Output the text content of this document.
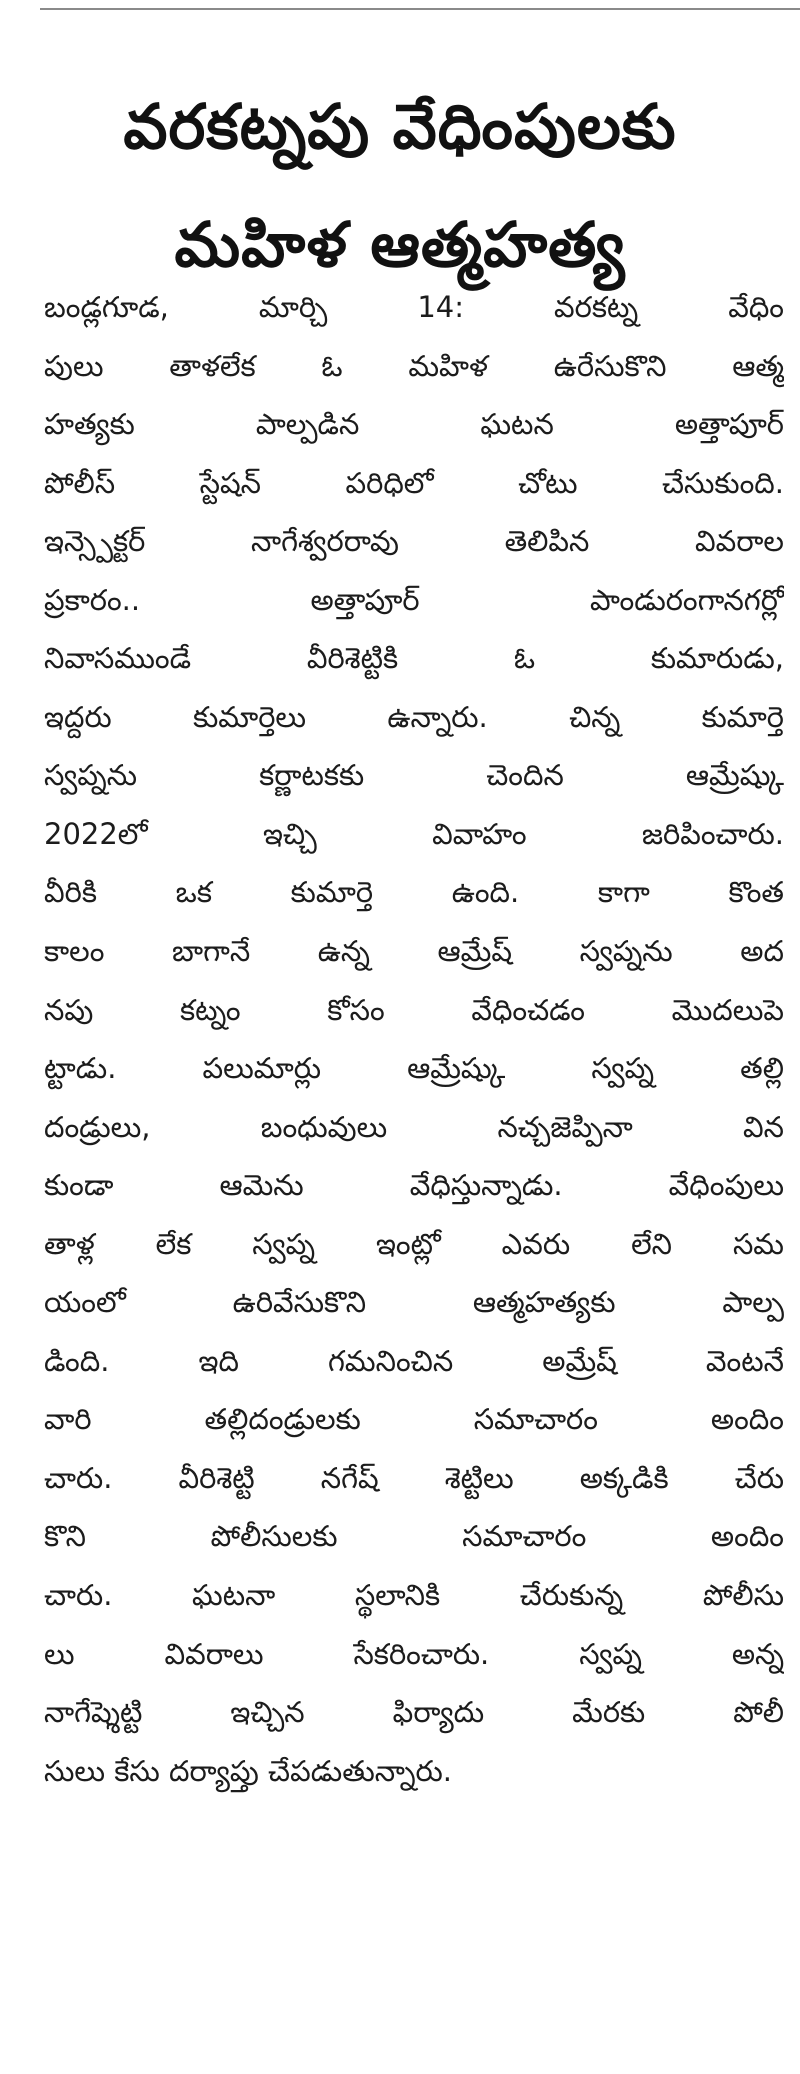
వరకట్నపు వేధింపులకు
మహిళ ఆత్మహత్య
బండ్లగూడ, మార్చి 14: వరకట్న వేధిం
పులు తాళలేక ఓ మహిళ ఉరేసుకొని ఆత్మ
హత్యకు పాల్పడిన ఘటన అత్తాపూర్
పోలీస్ స్టేషన్ పరిధిలో చోటు చేసుకుంది.
ఇన్స్పెక్టర్ నాగేశ్వరరావు తెలిపిన వివరాల
ప్రకారం.. అత్తాపూర్ పాండురంగానగర్లో
నివాసముండే వీరిశెట్టికి ఓ కుమారుడు,
ఇద్దరు కుమార్తెలు ఉన్నారు. చిన్న కుమార్తె
స్వప్నను కర్ణాటకకు చెందిన ఆమ్రేష్కు
2022లో ఇచ్చి వివాహం జరిపించారు.
వీరికి ఒక కుమార్తె ఉంది. కాగా కొంత
కాలం బాగానే ఉన్న ఆమ్రేష్ స్వప్నను అద
నపు కట్నం కోసం వేధించడం మొదలుపె
ట్టాడు. పలుమార్లు ఆమ్రేష్కు స్వప్న తల్లి
దండ్రులు, బంధువులు నచ్చజెప్పినా విన
కుండా ఆమెను వేధిస్తున్నాడు. వేధింపులు
తాళ్ల లేక స్వప్న ఇంట్లో ఎవరు లేని సమ
యంలో ఉరివేసుకొని ఆత్మహత్యకు పాల్ప
డింది. ఇది గమనించిన అమ్రేష్ వెంటనే
వారి తల్లిదండ్రులకు సమాచారం అందిం
చారు. వీరిశెట్టి నగేష్ శెట్టిలు అక్కడికి చేరు
కొని పోలీసులకు సమాచారం అందిం
చారు. ఘటనా స్థలానికి చేరుకున్న పోలీసు
లు వివరాలు సేకరించారు. స్వప్న అన్న
నాగేష్శెట్టి ఇచ్చిన ఫిర్యాదు మేరకు పోలీ
సులు కేసు దర్యాప్తు చేపడుతున్నారు.
